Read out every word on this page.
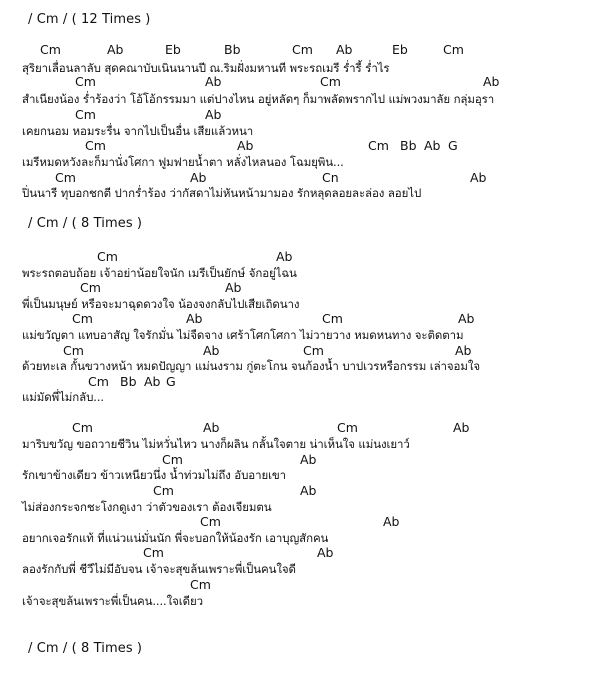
/ Cm / ( 12 Times )
Cm	Ab	Eb	Bb	Cm Ab	Eb	Cm
สุริยาเลื่อนลาลับ สุดคณาบับเนินนานปี ณ.ริมฝั่งมหานที พระรถเมรี ร่ำรี้ ร่ำไร
Cm	Ab	Cm	Ab
สำเนียงน้อง ร่ำร้องว่า โอ้โอ้กรรมมา แต่ปางไหน อยู่หลัดๆ ก็มาพลัดพรากไป แม่พวงมาลัย กลุ่มอุรา
Cm	Ab
เคยกนอม หอมระรื่น จากไปเป็นอื่น เสียแล้วหนา
Cm	Ab	Cm Bb Ab G
เมรีหมดหวังละก็มานั่งโศกา ฟูมฟายน้ำตา หลั่งไหลนอง โฉมยุพิน...
Cm	Ab	Cn	Ab
ปิ่นนารี ทุบอกชกตี ปากร่ำร้อง ว่ากัสดาไม่หันหน้ามามอง รักหลุดลอยละล่อง ลอยไป
/ Cm / ( 8 Times )
Cm	Ab
พระรถตอบถ้อย เจ้าอย่าน้อยใจนัก เมรีเป็นยักษ์ จักอยู่ไฉน
Cm	Ab
พี่เป็นมนุษย์ หรือจะมาฉุดดวงใจ น้องจงกลับไปเสียเถิดนาง
Cm	Ab	Cm	Ab
แม่ขวัญตา แทบอาสัญ ใจรักมั่น ไม่จืดจาง เศร้าโศกโศกา ไม่วายวาง หมดหนทาง จะติดตาม
Cm	Ab	Cm	Ab
ด้วยทะเล กั้นขวางหน้า หมดปัญญา แม่นงราม กู่ตะโกน จนก้องน้ำ บาปเวรหรือกรรม เล่าจอมใจ
Cm Bb Ab G
แม่มัดพี่ไม่กลับ...
Cm	Ab	Cm	Ab
มาริบขวัญ ขอถวายชีวิน ไม่หวั่นไหว นางก็ผลิน กลั้นใจตาย น่าเห็นใจ แม่นงเยาว์
Cm	Ab
รักเขาข้างเดียว ข้าวเหนียวนึ่ง น้ำท่วมไม่ถึง อับอายเขา
Cm	Ab
ไม่ส่องกระจกชะโงกดูเงา ว่าตัวของเรา ต้องเจียมตน
Cm	Ab
อยากเจอรักแท้ ที่แน่วแน่มั่นนัก พี่จะบอกให้น้องรัก เอาบุญสักคน
Cm	Ab
ลองรักกับพี่ ชีวีไม่มีอับจน เจ้าจะสุขล้นเพราะพี่เป็นคนใจดี
Cm
เจ้าจะสุขล้นเพราะพี่เป็นคน....ใจเดียว
/ Cm / ( 8 Times )
